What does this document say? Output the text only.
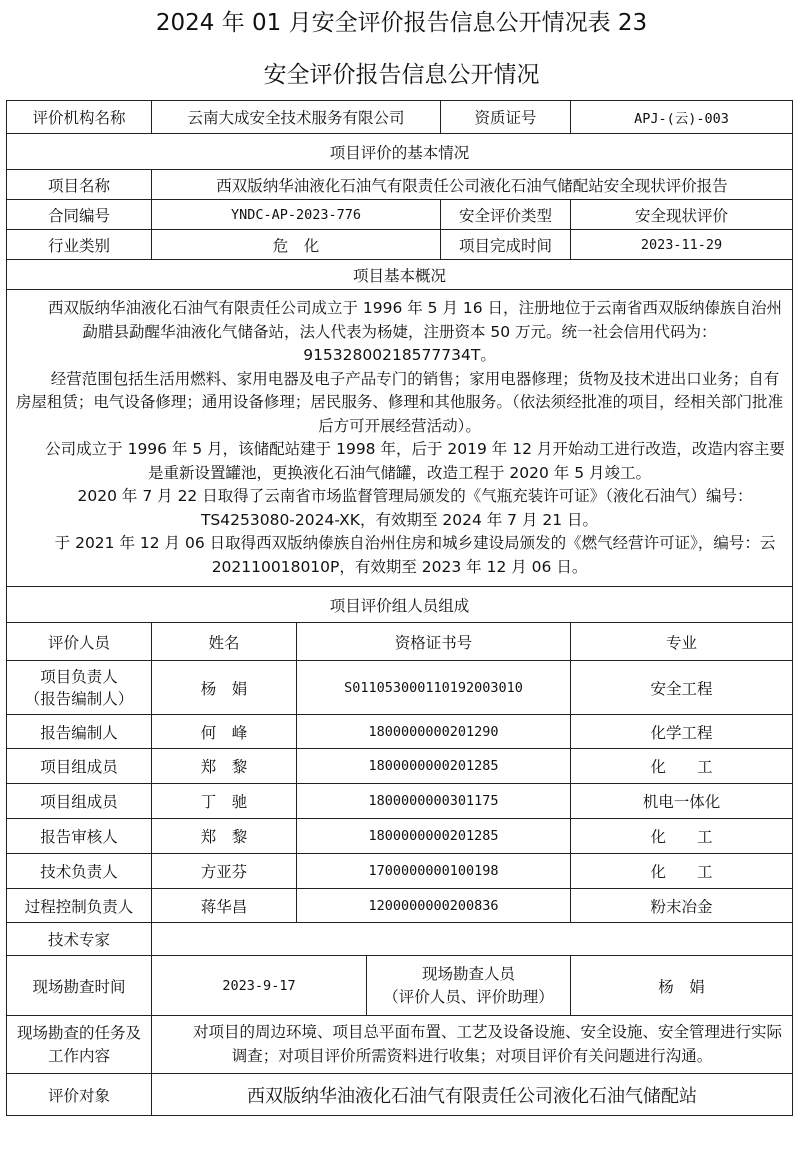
2024 年 01 月安全评价报告信息公开情况表 23
安全评价报告信息公开情况
评价机构名称	云南大成安全技术服务有限公司			资质证号	APJ-(云)-003
项目评价的基本情况					
项目名称	西双版纳华油液化石油气有限责任公司液化石油气储配站安全现状评价报告				
合同编号	YNDC-AP-2023-776			安全评价类型	安全现状评价
行业类别	危　化			项目完成时间	2023-11-29
项目基本概况					

西双版纳华油液化石油气有限责任公司成立于 1996 年 5 月 16 日，注册地位于云南省西双版纳傣族自治州勐腊县勐醒华油液化气储备站，法人代表为杨婕，注册资本 50 万元。统一社会信用代码为：91532800218577734T。

经营范围包括生活用燃料、家用电器及电子产品专门的销售；家用电器修理；货物及技术进出口业务；自有房屋租赁；电气设备修理；通用设备修理；居民服务、修理和其他服务。（依法须经批准的项目，经相关部门批准后方可开展经营活动）。

公司成立于 1996 年 5 月，该储配站建于 1998 年，后于 2019 年 12 月开始动工进行改造，改造内容主要是重新设置罐池，更换液化石油气储罐，改造工程于 2020 年 5 月竣工。

2020 年 7 月 22 日取得了云南省市场监督管理局颁发的《气瓶充装许可证》（液化石油气）编号：TS4253080-2024-XK，有效期至 2024 年 7 月 21 日。

于 2021 年 12 月 06 日取得西双版纳傣族自治州住房和城乡建设局颁发的《燃气经营许可证》，编号：云 202110018010P，有效期至 2023 年 12 月 06 日。					

项目评价组人员组成					
评价人员	姓名	资格证书号			专业
项目负责人
（报告编制人）	杨　娟	S011053000110192003010			安全工程
报告编制人	何　峰	1800000000201290			化学工程
项目组成员	郑　黎	1800000000201285			化　　工
项目组成员	丁　驰	1800000000301175			机电一体化
报告审核人	郑　黎	1800000000201285			化　　工
技术负责人	方亚芬	1700000000100198			化　　工
过程控制负责人	蒋华昌	1200000000200836			粉末冶金
技术专家					
现场勘查时间	2023-9-17		现场勘查人员
（评价人员、评价助理）		杨　娟
现场勘查的任务及工作内容	对项目的周边环境、项目总平面布置、工艺及设备设施、安全设施、安全管理进行实际调查；对项目评价所需资料进行收集；对项目评价有关问题进行沟通。				

评价对象	西双版纳华油液化石油气有限责任公司液化石油气储配站				
